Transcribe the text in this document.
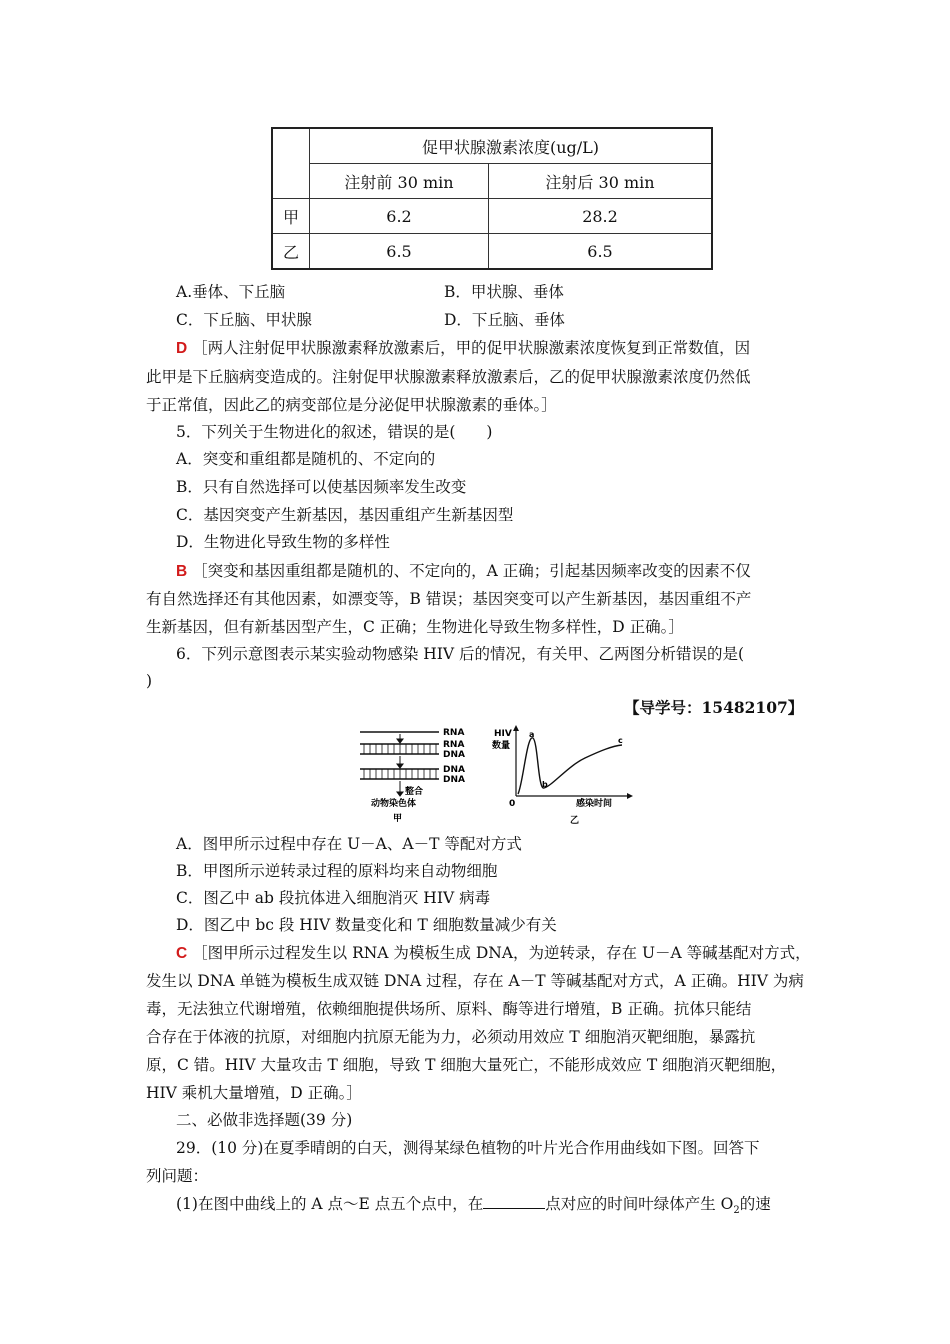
	促甲状腺激素浓度(ug/L)	
	注射前 30 min	注射后 30 min
甲	6.2	28.2
乙	6.5	6.5
A.垂体、下丘脑	B．甲状腺、垂体
C．下丘脑、甲状腺	D．下丘脑、垂体
D ［两人注射促甲状腺激素释放激素后，甲的促甲状腺激素浓度恢复到正常数值，因
此甲是下丘脑病变造成的。注射促甲状腺激素释放激素后，乙的促甲状腺激素浓度仍然低
于正常值，因此乙的病变部位是分泌促甲状腺激素的垂体。］
5．下列关于生物进化的叙述，错误的是(　　)
A．突变和重组都是随机的、不定向的
B．只有自然选择可以使基因频率发生改变
C．基因突变产生新基因，基因重组产生新基因型
D．生物进化导致生物的多样性
B ［突变和基因重组都是随机的、不定向的，A 正确；引起基因频率改变的因素不仅
有自然选择还有其他因素，如漂变等，B 错误；基因突变可以产生新基因，基因重组不产
生新基因，但有新基因型产生，C 正确；生物进化导致生物多样性，D 正确。］
6．下列示意图表示某实验动物感染 HIV 后的情况，有关甲、乙两图分析错误的是(
)
【导学号：15482107】
RNA
RNA
DNA
DNA
DNA
整合
动物染色体
甲
HIV
数量
0
a
b
c
感染时间
乙
A．图甲所示过程中存在 U－A、A－T 等配对方式
B．甲图所示逆转录过程的原料均来自动物细胞
C．图乙中 ab 段抗体进入细胞消灭 HIV 病毒
D．图乙中 bc 段 HIV 数量变化和 T 细胞数量减少有关
C ［图甲所示过程发生以 RNA 为模板生成 DNA，为逆转录，存在 U－A 等碱基配对方式，
发生以 DNA 单链为模板生成双链 DNA 过程，存在 A－T 等碱基配对方式，A 正确。HIV 为病
毒，无法独立代谢增殖，依赖细胞提供场所、原料、酶等进行增殖，B 正确。抗体只能结
合存在于体液的抗原，对细胞内抗原无能为力，必须动用效应 T 细胞消灭靶细胞，暴露抗
原，C 错。HIV 大量攻击 T 细胞，导致 T 细胞大量死亡，不能形成效应 T 细胞消灭靶细胞，
HIV 乘机大量增殖，D 正确。］
二、必做非选择题(39 分)
29．(10 分)在夏季晴朗的白天，测得某绿色植物的叶片光合作用曲线如下图。回答下
列问题：
(1)在图中曲线上的 A 点～E 点五个点中，在	点对应的时间叶绿体产生 $O_2$的速
